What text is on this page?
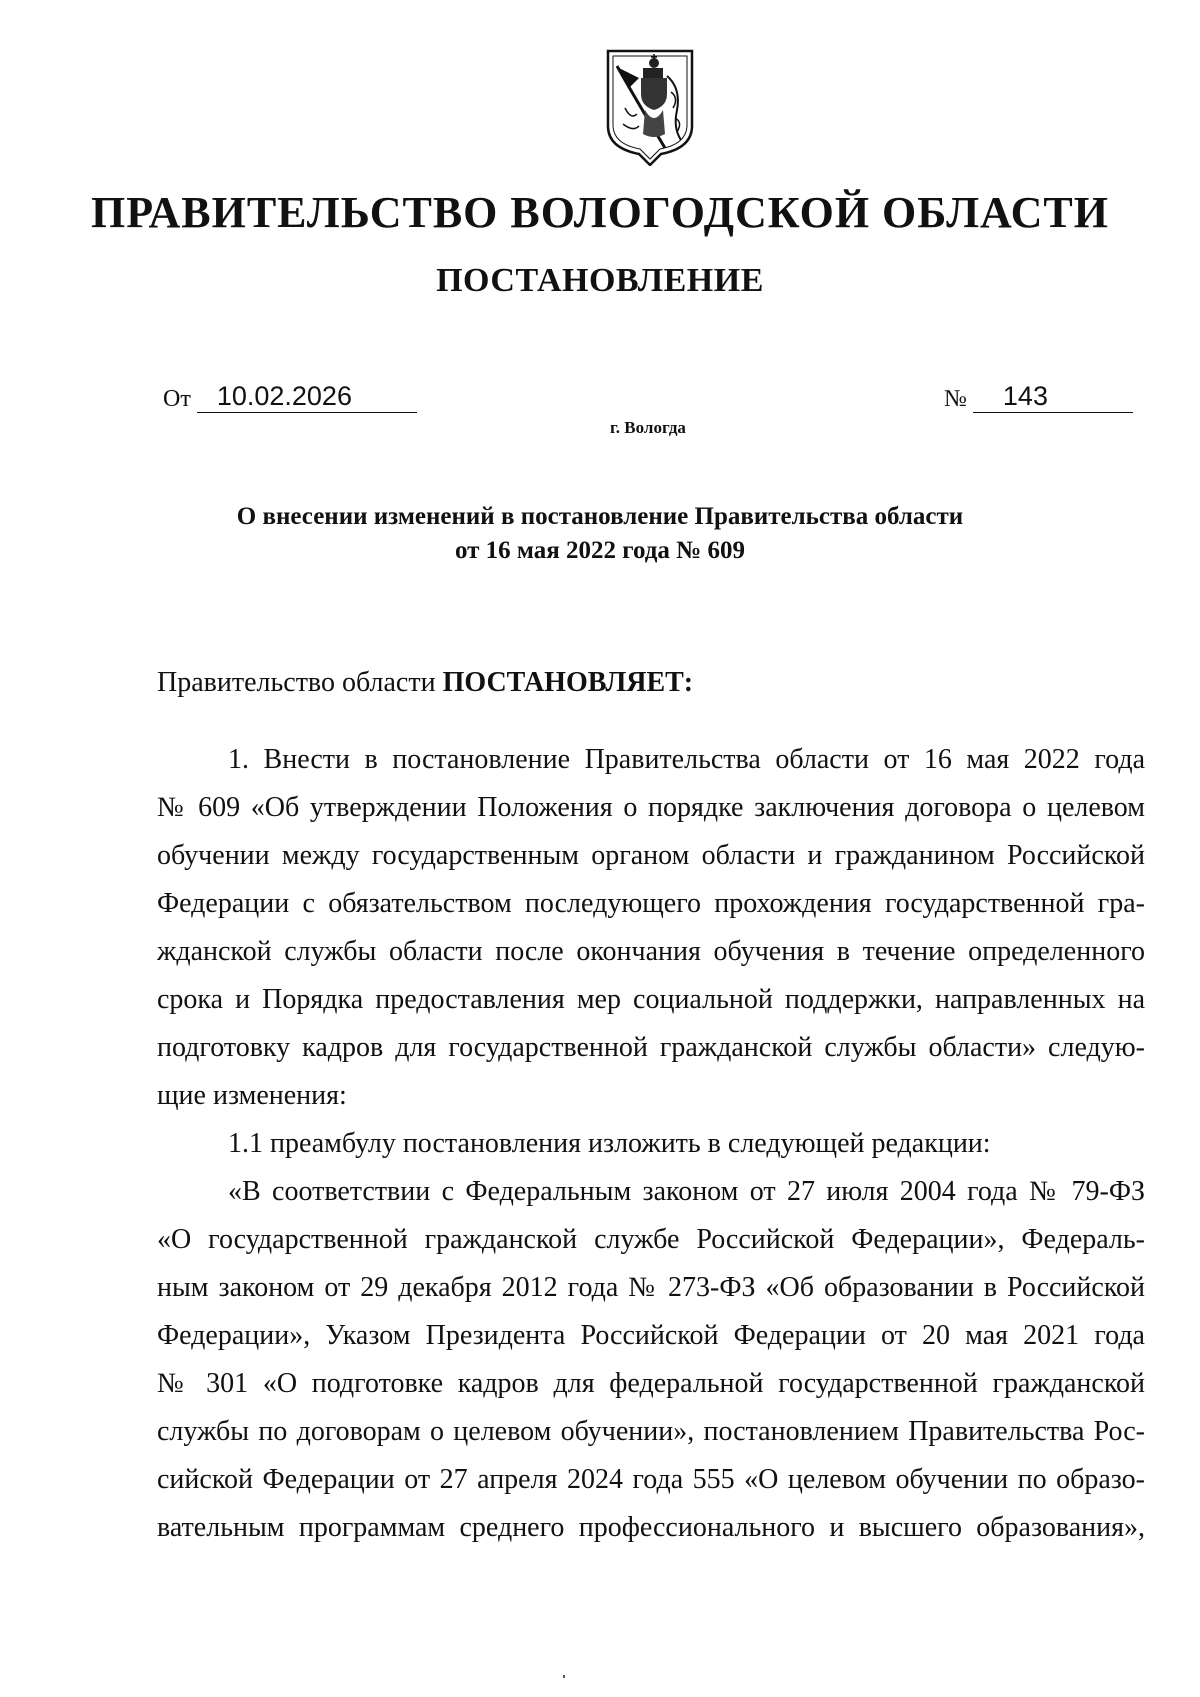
ПРАВИТЕЛЬСТВО ВОЛОГОДСКОЙ ОБЛАСТИ
ПОСТАНОВЛЕНИЕ
От 10.02.2026	№ 143
г. Вологда
О внесении изменений в постановление Правительства области
от 16 мая 2022 года № 609
Правительство области ПОСТАНОВЛЯЕТ:
1. Внести в постановление Правительства области от 16 мая 2022 года
№ 609 «Об утверждении Положения о порядке заключения договора о целевом
обучении между государственным органом области и гражданином Российской
Федерации с обязательством последующего прохождения государственной гра-
жданской службы области после окончания обучения в течение определенного
срока и Порядка предоставления мер социальной поддержки, направленных на
подготовку кадров для государственной гражданской службы области» следую-
щие изменения:
1.1 преамбулу постановления изложить в следующей редакции:
«В соответствии с Федеральным законом от 27 июля 2004 года № 79-ФЗ
«О государственной гражданской службе Российской Федерации», Федераль-
ным законом от 29 декабря 2012 года № 273-ФЗ «Об образовании в Российской
Федерации», Указом Президента Российской Федерации от 20 мая 2021 года
№ 301 «О подготовке кадров для федеральной государственной гражданской
службы по договорам о целевом обучении», постановлением Правительства Рос-
сийской Федерации от 27 апреля 2024 года 555 «О целевом обучении по образо-
вательным программам среднего профессионального и высшего образования»,
